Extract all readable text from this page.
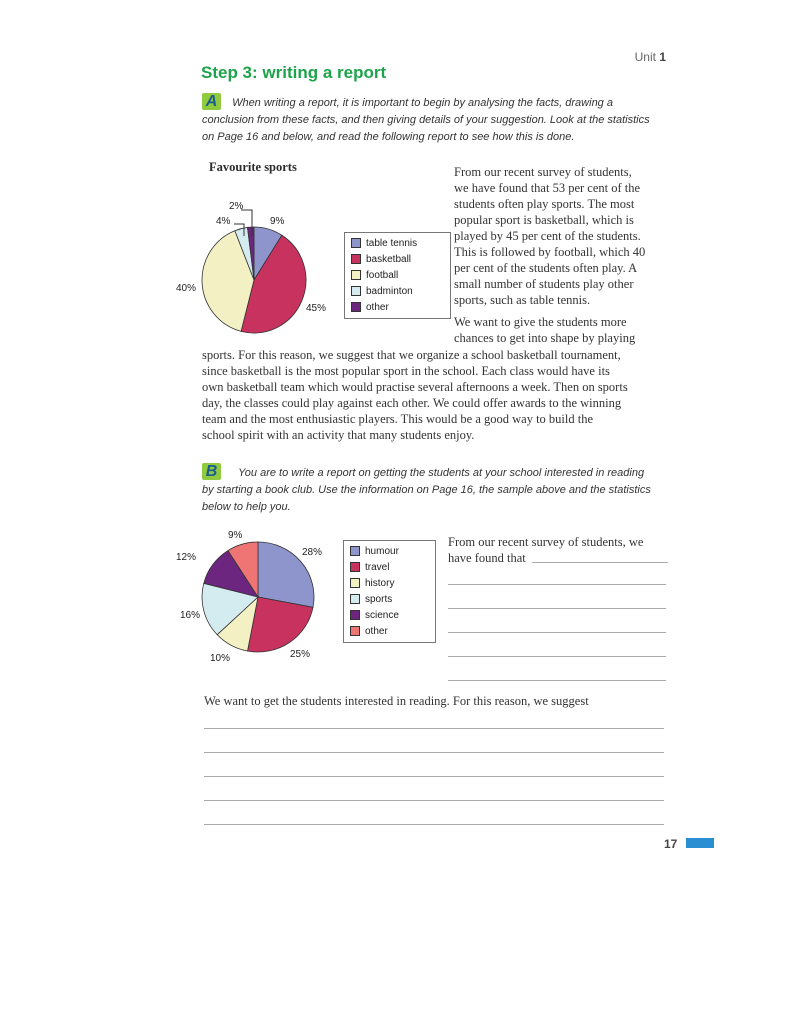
Unit 1
Step 3: writing a report
A When writing a report, it is important to begin by analysing the facts, drawing a
conclusion from these facts, and then giving details of your suggestion. Look at the statistics
on Page 16 and below, and read the following report to see how this is done.
Favourite sports
2%
4%	9%
40%
45%
table tennis
basketball
football
badminton
other
From our recent survey of students,
we have found that 53 per cent of the
students often play sports. The most
popular sport is basketball, which is
played by 45 per cent of the students.
This is followed by football, which 40
per cent of the students often play. A
small number of students play other
sports, such as table tennis.
We want to give the students more
chances to get into shape by playing
sports. For this reason, we suggest that we organize a school basketball tournament,
since basketball is the most popular sport in the school. Each class would have its
own basketball team which would practise several afternoons a week. Then on sports
day, the classes could play against each other. We could offer awards to the winning
team and the most enthusiastic players. This would be a good way to build the
school spirit with an activity that many students enjoy.
B You are to write a report on getting the students at your school interested in reading
by starting a book club. Use the information on Page 16, the sample above and the statistics
below to help you.
9%
12%	28%
16%
10%	25%
humour
travel
history
sports
science
other
From our recent survey of students, we
have found that
We want to get the students interested in reading. For this reason, we suggest
17
